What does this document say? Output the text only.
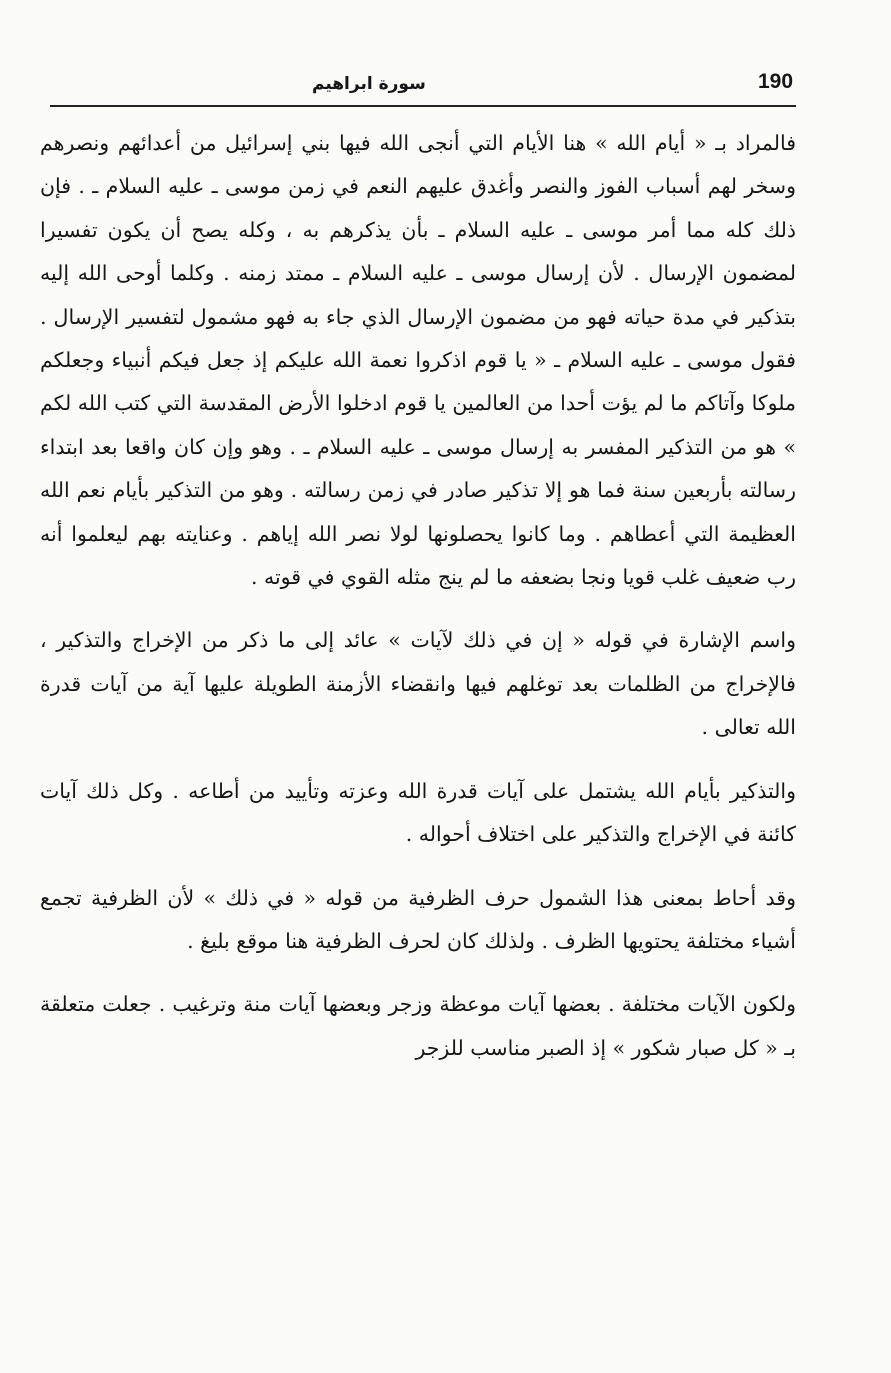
190
سورة ابراهيم

فالمراد بـ « أيام الله » هنا الأيام التي أنجى الله فيها بني إسرائيل من أعدائهم ونصرهم وسخر لهم أسباب الفوز والنصر وأغدق عليهم النعم في زمن موسى ـ عليه السلام ـ . فإن ذلك كله مما أمر موسى ـ عليه السلام ـ بأن يذكرهم به ، وكله يصح أن يكون تفسيرا لمضمون الإرسال . لأن إرسال موسى ـ عليه السلام ـ ممتد زمنه . وكلما أوحى الله إليه بتذكير في مدة حياته فهو من مضمون الإرسال الذي جاء به فهو مشمول لتفسير الإرسال . فقول موسى ـ عليه السلام ـ « يا قوم اذكروا نعمة الله عليكم إذ جعل فيكم أنبياء وجعلكم ملوكا وآتاكم ما لم يؤت أحدا من العالمين يا قوم ادخلوا الأرض المقدسة التي كتب الله لكم » هو من التذكير المفسر به إرسال موسى ـ عليه السلام ـ . وهو وإن كان واقعا بعد ابتداء رسالته بأربعين سنة فما هو إلا تذكير صادر في زمن رسالته . وهو من التذكير بأيام نعم الله العظيمة التي أعطاهم . وما كانوا يحصلونها لولا نصر الله إياهم . وعنايته بهم ليعلموا أنه رب ضعيف غلب قويا ونجا بضعفه ما لم ينج مثله القوي في قوته .

واسم الإشارة في قوله « إن في ذلك لآيات » عائد إلى ما ذكر من الإخراج والتذكير ، فالإخراج من الظلمات بعد توغلهم فيها وانقضاء الأزمنة الطويلة عليها آية من آيات قدرة الله تعالى .

والتذكير بأيام الله يشتمل على آيات قدرة الله وعزته وتأييد من أطاعه . وكل ذلك آيات كائنة في الإخراج والتذكير على اختلاف أحواله .

وقد أحاط بمعنى هذا الشمول حرف الظرفية من قوله « في ذلك » لأن الظرفية تجمع أشياء مختلفة يحتويها الظرف . ولذلك كان لحرف الظرفية هنا موقع بليغ .

ولكون الآيات مختلفة . بعضها آيات موعظة وزجر وبعضها آيات منة وترغيب . جعلت متعلقة بـ « كل صبار شكور » إذ الصبر مناسب للزجر
